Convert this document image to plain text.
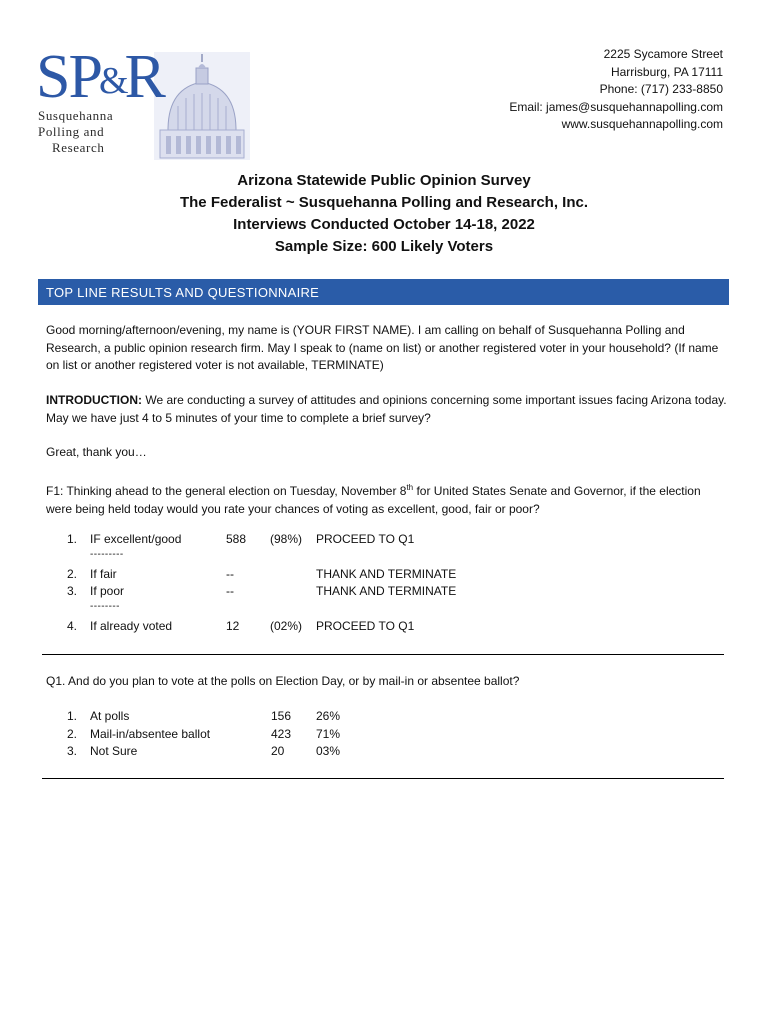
SP&R
Susquehanna
Polling and
Research
2225 Sycamore Street
Harrisburg, PA 17111
Phone: (717) 233-8850
Email: james@susquehannapolling.com
www.susquehannapolling.com
Arizona Statewide Public Opinion Survey
The Federalist ~ Susquehanna Polling and Research, Inc.
Interviews Conducted October 14-18, 2022
Sample Size: 600 Likely Voters
TOP LINE RESULTS AND QUESTIONNAIRE
Good morning/afternoon/evening, my name is (YOUR FIRST NAME). I am calling on behalf of Susquehanna Polling and Research, a public opinion research firm. May I speak to (name on list) or another registered voter in your household? (If name on list or another registered voter is not available, TERMINATE)
INTRODUCTION: We are conducting a survey of attitudes and opinions concerning some important issues facing Arizona today. May we have just 4 to 5 minutes of your time to complete a brief survey?
Great, thank you…
F1: Thinking ahead to the general election on Tuesday, November 8th for United States Senate and Governor, if the election were being held today would you rate your chances of voting as excellent, good, fair or poor?
1. IF excellent/good	588 (98%) PROCEED TO Q1
---------
2. If fair	--	THANK AND TERMINATE
3. If poor	--	THANK AND TERMINATE
--------
4. If already voted	12	(02%) PROCEED TO Q1
Q1. And do you plan to vote at the polls on Election Day, or by mail-in or absentee ballot?
1. At polls	156 26%
2. Mail-in/absentee ballot	423 71%
3. Not Sure	20	03%
